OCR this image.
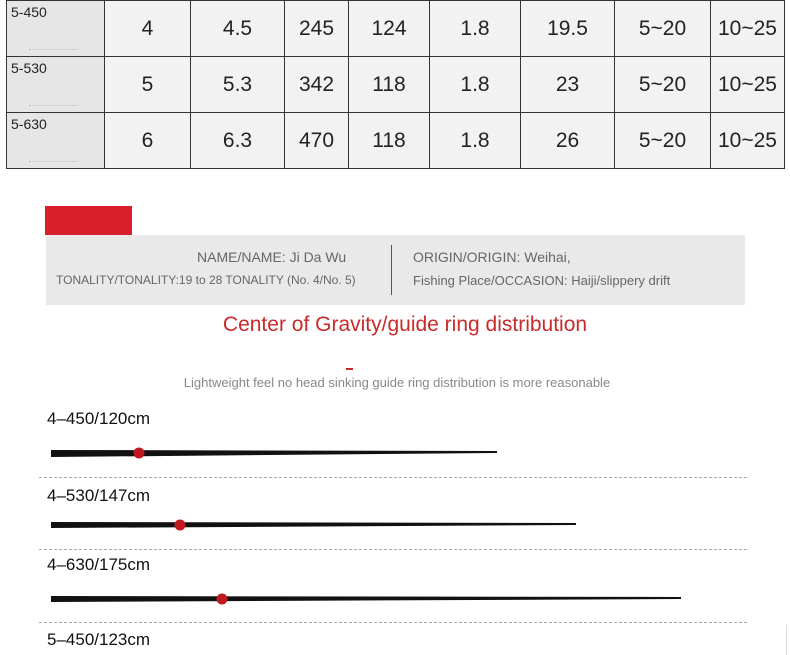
5-450	4	4.5	245	124	1.8	19.5	5~20	10~25

5-530	5	5.3	342	118	1.8	23	5~20	10~25

5-630	6	6.3	470	118	1.8	26	5~20	10~25
NAME/NAME: Ji Da Wu
TONALITY/TONALITY:19 to 28 TONALITY (No. 4/No. 5)
ORIGIN/ORIGIN: Weihai,
Fishing Place/OCCASION: Haiji/slippery drift
Center of Gravity/guide ring distribution
Lightweight feel no head sinking guide ring distribution is more reasonable
4–450/120cm
4–530/147cm
4–630/175cm
5–450/123cm
